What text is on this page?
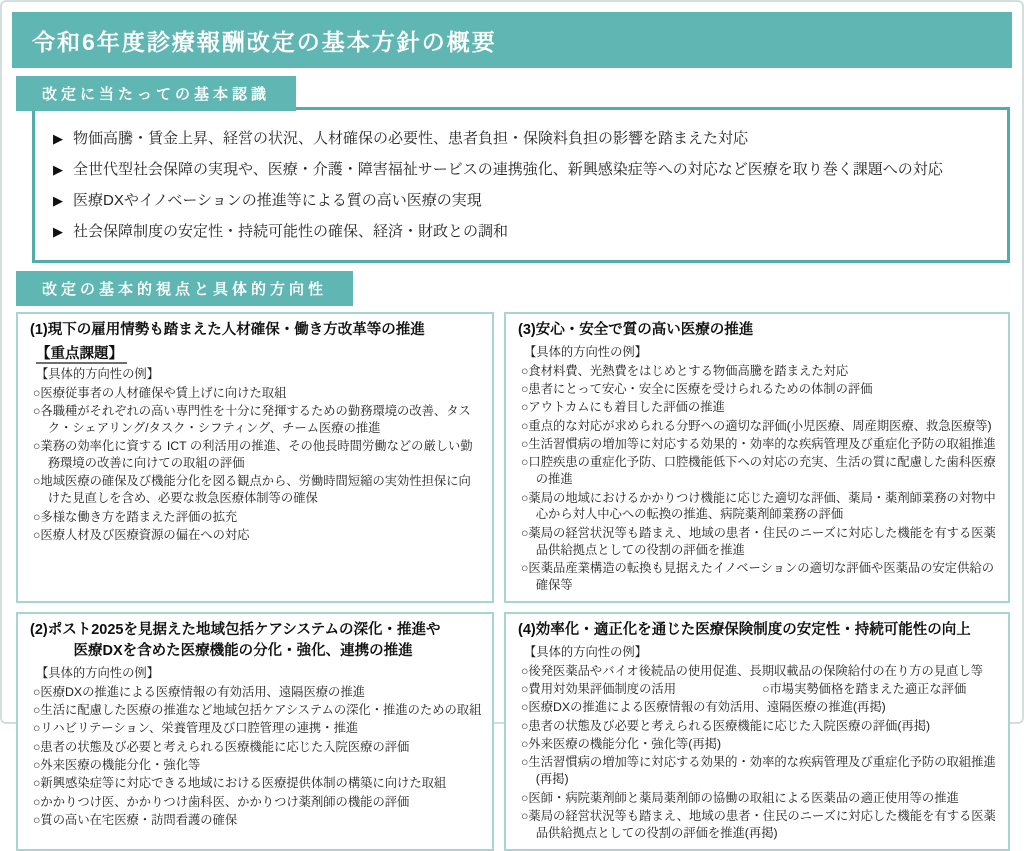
令和6年度診療報酬改定の基本方針の概要
改定に当たっての基本認識
▶ 物価高騰・賃金上昇、経営の状況、人材確保の必要性、患者負担・保険料負担の影響を踏まえた対応
▶ 全世代型社会保障の実現や、医療・介護・障害福祉サービスの連携強化、新興感染症等への対応など医療を取り巻く課題への対応
▶ 医療DXやイノベーションの推進等による質の高い医療の実現
▶ 社会保障制度の安定性・持続可能性の確保、経済・財政との調和
改定の基本的視点と具体的方向性
(1)現下の雇用情勢も踏まえた人材確保・働き方改革等の推進
【重点課題】
【具体的方向性の例】
○医療従事者の人材確保や賃上げに向けた取組
○各職種がそれぞれの高い専門性を十分に発揮するための勤務環境の改善、タスク・シェアリング/タスク・シフティング、チーム医療の推進
○業務の効率化に資する ICT の利活用の推進、その他長時間労働などの厳しい勤務環境の改善に向けての取組の評価
○地域医療の確保及び機能分化を図る観点から、労働時間短縮の実効性担保に向けた見直しを含め、必要な救急医療体制等の確保
○多様な働き方を踏まえた評価の拡充
○医療人材及び医療資源の偏在への対応
(3)安心・安全で質の高い医療の推進
【具体的方向性の例】
○食材料費、光熱費をはじめとする物価高騰を踏まえた対応
○患者にとって安心・安全に医療を受けられるための体制の評価
○アウトカムにも着目した評価の推進
○重点的な対応が求められる分野への適切な評価(小児医療、周産期医療、救急医療等)
○生活習慣病の増加等に対応する効果的・効率的な疾病管理及び重症化予防の取組推進
○口腔疾患の重症化予防、口腔機能低下への対応の充実、生活の質に配慮した歯科医療の推進
○薬局の地域におけるかかりつけ機能に応じた適切な評価、薬局・薬剤師業務の対物中心から対人中心への転換の推進、病院薬剤師業務の評価
○薬局の経営状況等も踏まえ、地域の患者・住民のニーズに対応した機能を有する医薬品供給拠点としての役割の評価を推進
○医薬品産業構造の転換も見据えたイノベーションの適切な評価や医薬品の安定供給の確保等
(2)ポスト2025を見据えた地域包括ケアシステムの深化・推進や
医療DXを含めた医療機能の分化・強化、連携の推進
【具体的方向性の例】
○医療DXの推進による医療情報の有効活用、遠隔医療の推進
○生活に配慮した医療の推進など地域包括ケアシステムの深化・推進のための取組
○リハビリテーション、栄養管理及び口腔管理の連携・推進
○患者の状態及び必要と考えられる医療機能に応じた入院医療の評価
○外来医療の機能分化・強化等
○新興感染症等に対応できる地域における医療提供体制の構築に向けた取組
○かかりつけ医、かかりつけ歯科医、かかりつけ薬剤師の機能の評価
○質の高い在宅医療・訪問看護の確保
(4)効率化・適正化を通じた医療保険制度の安定性・持続可能性の向上
【具体的方向性の例】
○後発医薬品やバイオ後続品の使用促進、長期収載品の保険給付の在り方の見直し等
○費用対効果評価制度の活用　　　　　　　○市場実勢価格を踏まえた適正な評価
○医療DXの推進による医療情報の有効活用、遠隔医療の推進(再掲)
○患者の状態及び必要と考えられる医療機能に応じた入院医療の評価(再掲)
○外来医療の機能分化・強化等(再掲)
○生活習慣病の増加等に対応する効果的・効率的な疾病管理及び重症化予防の取組推進(再掲)
○医師・病院薬剤師と薬局薬剤師の協働の取組による医薬品の適正使用等の推進
○薬局の経営状況等も踏まえ、地域の患者・住民のニーズに対応した機能を有する医薬品供給拠点としての役割の評価を推進(再掲)
